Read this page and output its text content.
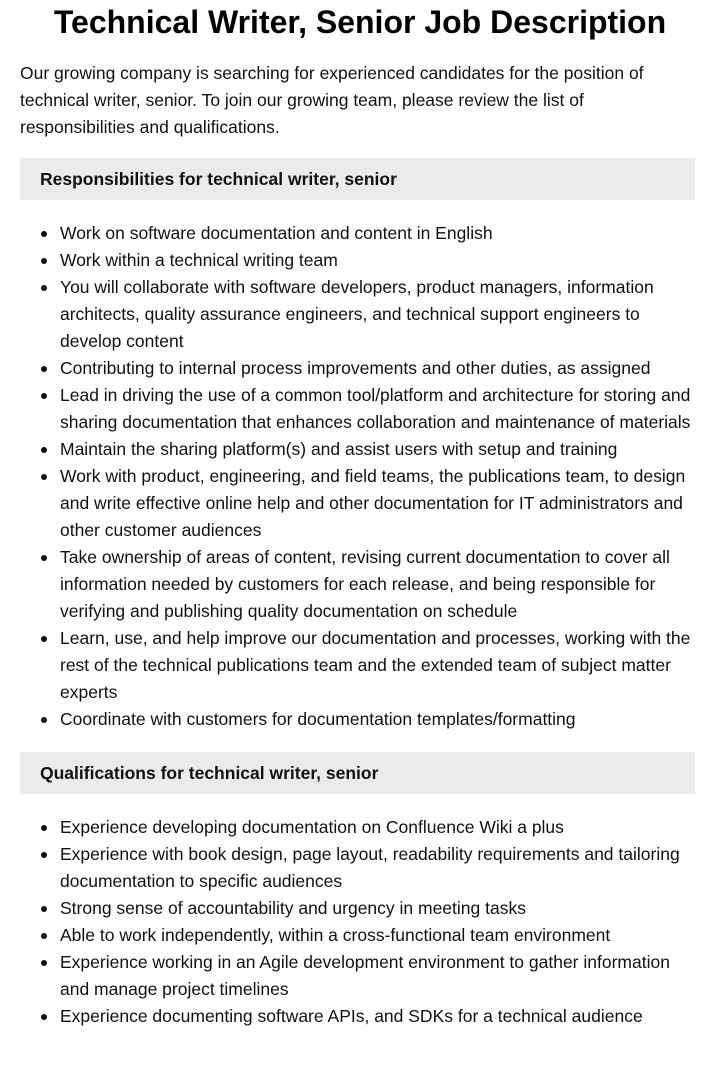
Technical Writer, Senior Job Description

Our growing company is searching for experienced candidates for the position of technical writer, senior. To join our growing team, please review the list of responsibilities and qualifications.

Responsibilities for technical writer, senior
Work on software documentation and content in English
Work within a technical writing team
You will collaborate with software developers, product managers, information architects, quality assurance engineers, and technical support engineers to develop content
Contributing to internal process improvements and other duties, as assigned
Lead in driving the use of a common tool/platform and architecture for storing and sharing documentation that enhances collaboration and maintenance of materials
Maintain the sharing platform(s) and assist users with setup and training
Work with product, engineering, and field teams, the publications team, to design and write effective online help and other documentation for IT administrators and other customer audiences
Take ownership of areas of content, revising current documentation to cover all information needed by customers for each release, and being responsible for verifying and publishing quality documentation on schedule
Learn, use, and help improve our documentation and processes, working with the rest of the technical publications team and the extended team of subject matter experts
Coordinate with customers for documentation templates/formatting
Qualifications for technical writer, senior
Experience developing documentation on Confluence Wiki a plus
Experience with book design, page layout, readability requirements and tailoring documentation to specific audiences
Strong sense of accountability and urgency in meeting tasks
Able to work independently, within a cross-functional team environment
Experience working in an Agile development environment to gather information and manage project timelines
Experience documenting software APIs, and SDKs for a technical audience
